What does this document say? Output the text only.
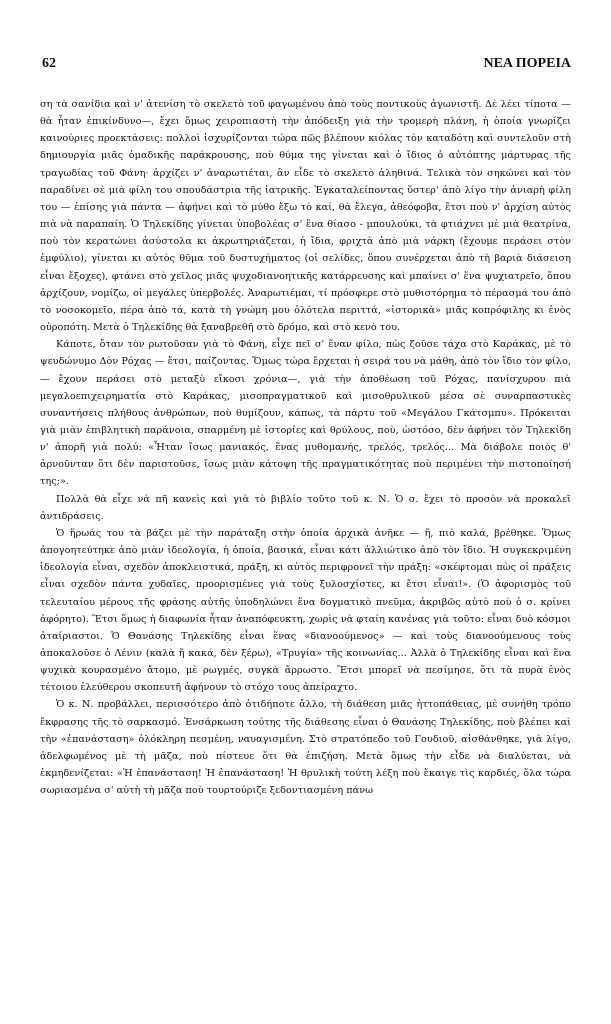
62	ΝΕΑ ΠΟΡΕΙΑ

ση τὰ σανίδια καὶ ν' ἀτενίση τὸ σκελετὸ τοῦ φαγωμένου ἀπὸ τοὺς ποντικοὺς ἀγωνιστῆ. Δὲ λέει τίποτα —θὰ ἦταν ἐπικίνδυνο—, ἔχει ὅμως χειροπιαστὴ τὴν ἀπόδειξη γιὰ τὴν τρομερὴ πλάνη, ἡ ὁποία γνωρίζει καινούριες προεκτάσεις: πολλοὶ ἰσχυρίζονται τώρα πῶς βλέπουν κιόλας τὸν καταδότη καὶ συντελοῦν στὴ δημιουργία μιᾶς ὁμαδικῆς παράκρουσης, ποὺ θύμα της γίνεται καὶ ὁ ἴδιος ὁ αὐτόπτης μάρτυρας τῆς τραγωδίας τοῦ Φάνη· ἀρχίζει ν' ἀναρωτιέται, ἂν εἶδε τὸ σκελετὸ ἀληθινά. Τελικὰ τὸν σηκώνει καὶ τὸν παραδίνει σὲ μιὰ φίλη του σπουδάστρια τῆς ἰατρικῆς. Ἐγκαταλείποντας ὕστερ' ἀπὸ λίγο τὴν ἀνιαρὴ φίλη του — ἐπίσης γιὰ πάντα — ἀφήνει καὶ τὸ μύθο ἔξω τὸ καί, θὰ ἔλεγα, ἀθεόφοβα, ἔτσι ποὺ ν' ἀρχίση αὐτὸς πιὰ νὰ παραπαίη. Ὁ Τηλεκίδης γίνεται ὑποβολέας σ' ἕνα θίασο - μπουλούκι, τὰ φτιάχνει μὲ μιὰ θεατρίνα, ποὺ τὸν κερατώνει ἀσύστολα κι ἀκρωτηριάζεται, ἡ ἴδια, φριχτὰ ἀπὸ μιὰ νάρκη (ἔχουμε περάσει στὸν ἐμφύλιο), γίνεται κι αὐτὸς θῦμα τοῦ δυστυχήματος (οἱ σελίδες, ὅπου συνέρχεται ἀπὸ τὴ βαριὰ διάσειση εἶναι ἔξοχες), φτάνει στὸ χεῖλος μιᾶς ψυχοδιανοητικῆς κατάρρευσης καὶ μπαίνει σ' ἕνα ψυχιατρεῖο, ὅπου ἀρχίζουν, νομίζω, οἱ μεγάλες ὑπερβολές. Ἀναρωτιέμαι, τί πρόσφερε στὸ μυθιστόρημα τὸ πέρασμά του ἀπὸ τὸ νοσοκομεῖο, πέρα ἀπὸ τά, κατὰ τὴ γνώμη μου ὁλότελα περιττά, «ἱστορικὰ» μιᾶς κοπρόφιλης κι ἑνὸς οὐροπότη. Μετὰ ὁ Τηλεκίδης θὰ ξαναβρεθῆ στὸ δρόμο, καὶ στὸ κενὸ του.

Κάποτε, ὅταν τὸν ρωτοῦσαν γιὰ τὸ Φάνη, εἶχε πεῖ σ' ἕναν φίλο, πὼς ζοῦσε τάχα στὸ Καράκας, μὲ τὸ ψευδώνυμο Δὸν Ρόχας — ἔτσι, παίζοντας. Ὅμως τώρα ἔρχεται ἡ σειρά του νὰ μάθη, ἀπὸ τὸν ἴδιο τὸν φίλο, — ἔχουν περάσει στὸ μεταξὺ εἴκοσι χρόνια—, γιὰ τὴν ἀποθέωση τοῦ Ρόχας, πανίσχυρου πιὰ μεγαλοεπιχειρηματία στὸ Καράκας, μισοπραγματικοῦ καὶ μισοθρυλικοῦ μέσα σὲ συναρπαστικὲς συναντήσεις πλήθους ἀνθρώπων, ποὺ θυμίζουν, κάπως, τὰ πάρτυ τοῦ «Μεγάλου Γκάτσμπυ». Πρόκειται γιὰ μιὰν ἐπιβλητικὴ παράνοια, σπαρμένη μὲ ἱστορίες καὶ θρύλους, ποὺ, ὡστόσο, δὲν ἀφήνει τὸν Τηλεκίδη ν' ἀπορῆ γιὰ πολύ: «Ἦταν ἴσως μανιακός, ἕνας μυθομανής, τρελός, τρελός... Μὰ διάβολε ποιὸς θ' ἀρνοῦνταν ὅτι δὲν παριστοῦσε, ἴσως μιὰν κάτοψη τῆς πραγματικότητας ποὺ περιμένει τὴν πιστοποίησή της;».

Πολλὰ θὰ εἶχε νὰ πῆ κανεὶς καὶ γιὰ τὸ βιβλίο τοῦτο τοῦ κ. Ν. Ὁ σ. ἔχει τὸ προσὸν νὰ προκαλεῖ ἀντιδράσεις.

Ὁ ἥρωάς του τὰ βάζει μὲ τὴν παράταξη στὴν ὁποία ἀρχικὰ ἀνῆκε — ἤ, πιὸ καλά, βρέθηκε. Ὅμως ἀπογοητεύτηκε ἀπὸ μιὰν ἰδεολογία, ἡ ὁποία, βασικά, εἶναι κάτι ἀλλιώτικο ἀπὸ τὸν ἴδιο. Ἡ συγκεκριμένη ἰδεολογία εἶναι, σχεδὸν ἀποκλειστικά, πράξη, κι αὐτὸς περιφρονεῖ τὴν πράξη: «σκέφτομαι πὼς οἱ πράξεις εἶναι σχεδὸν πάντα χυδαῖες, προορισμένες γιὰ τοὺς ξυλοσχίστες, κι ἔτσι εἶναι!». (Ὁ ἀφορισμὸς τοῦ τελευταίου μέρους τῆς φράσης αὐτῆς ὑποδηλώνει ἕνα δογματικὸ πνεῦμα, ἀκριβῶς αὐτὸ ποὺ ὁ σ. κρίνει ἀφόρητο). Ἔτσι ὅμως ἡ διαφωνία ἦταν ἀναπόφευκτη, χωρὶς νὰ φταίη κανένας γιὰ τοῦτο: εἶναι δυὸ κόσμοι ἀταίριαστοι. Ὁ Θανάσης Τηλεκίδης εἶναι ἕνας «διανοούμενος» — καὶ τοὺς διανοούμενους τοὺς ἀποκαλοῦσε ὁ Λένιν (καλὰ ἤ κακά, δὲν ξέρω), «Τρυγία» τῆς κοινωνίας... Ἀλλὰ ὁ Τηλεκίδης εἶναι καὶ ἕνα ψυχικὰ κουρασμένο ἄτομο, μὲ ρωγμές, συγκὰ ἄρρωστο. Ἔτσι μπορεῖ νὰ πεσίμησε, ὅτι τὰ πυρὰ ἑνὸς τέτοιου ἐλεύθερου σκοπευτῆ ἀφήνουν τὸ στόχο τους ἀπείραχτο.

Ὁ κ. Ν. προβάλλει, περισσότερο ἀπὸ ὁτιδήποτε ἄλλο, τὴ διάθεση μιᾶς ἡττοπάθειας, μὲ συνήθη τρόπο ἔκφρασης τῆς τὸ σαρκασμό. Ἐνσάρκωση τούτης τῆς διάθεσης εἶναι ὁ Θανάσης Τηλεκίδης, ποὺ βλέπει καὶ τὴν «ἐπανάσταση» ὁλόκληρη πεσμένη, ναυαγισμένη. Στὸ στρατόπεδο τοῦ Γουδιοῦ, αἰσθάνθηκε, γιὰ λίγο, ἀδελφωμένος μὲ τὴ μᾶζα, ποὺ πίστευε ὅτι θὰ ἐπιζήση. Μετὰ ὅμως τὴν εἶδε νὰ διαλύεται, νὰ ἐκμηδενίζεται: «Ἡ ἐπανάσταση! Ἡ ἐπανάσταση! Ἡ θρυλικὴ τούτη λέξη ποὺ ἔκαιγε τὶς καρδιές, ὅλα τώρα σωριασμένα σ' αὐτὴ τὴ μᾶζα ποὺ τουρτούριζε ξεδοντιασμένη πάνω
